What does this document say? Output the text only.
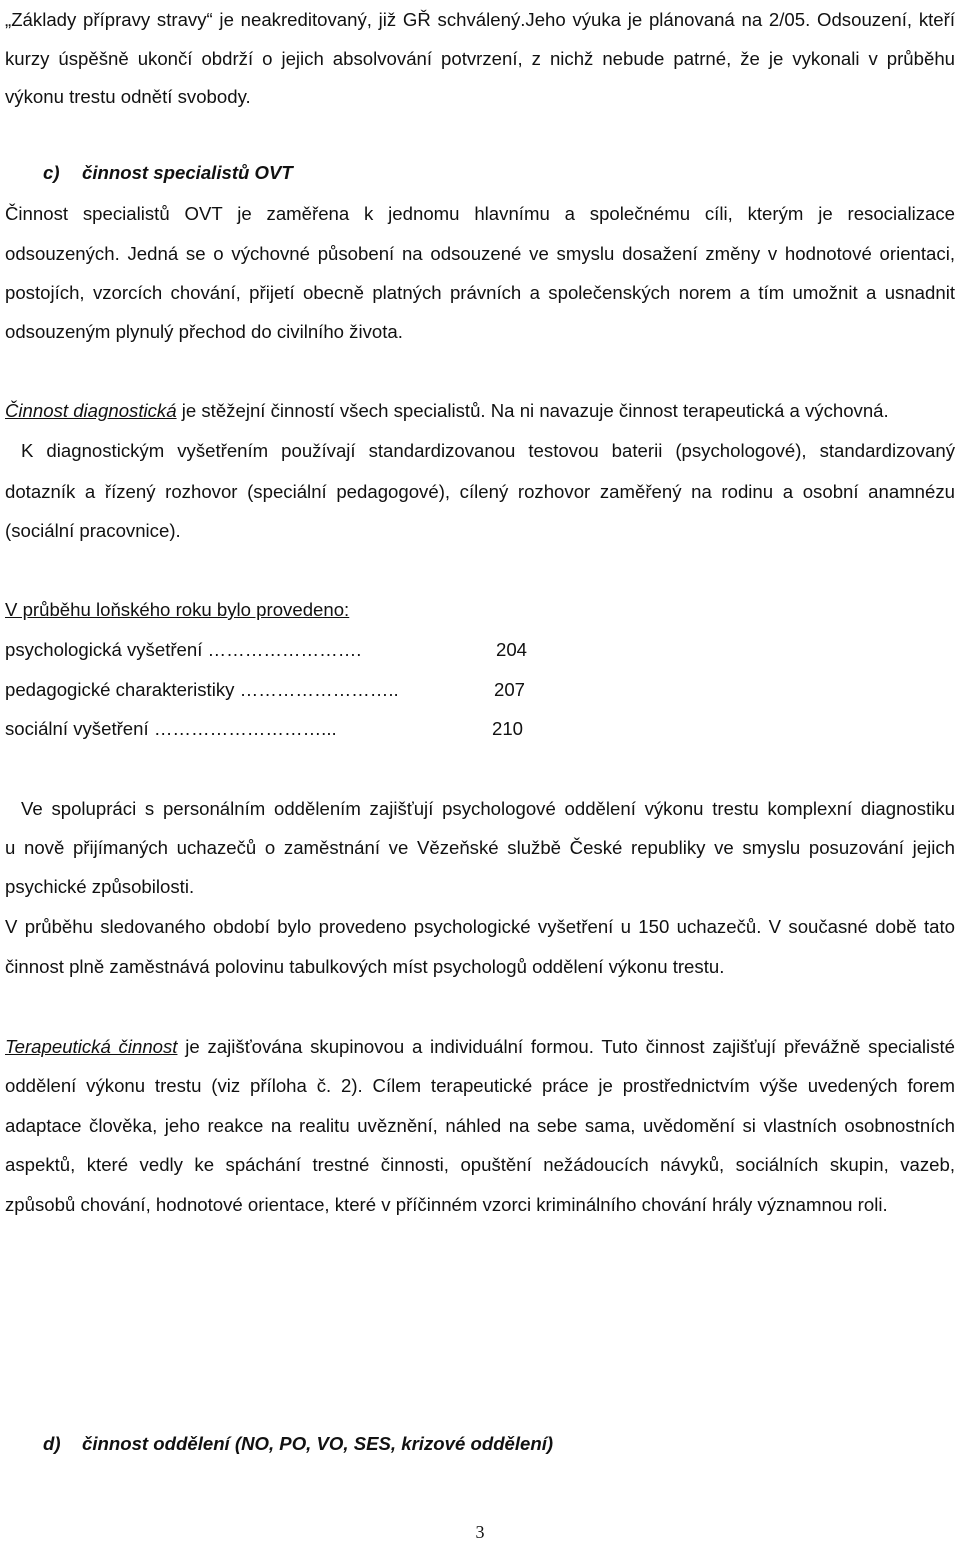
„Základy přípravy stravy“ je neakreditovaný, již GŘ schválený.Jeho výuka je plánovaná na 2/05. Odsouzení, kteří
kurzy úspěšně ukončí obdrží o jejich absolvování potvrzení, z nichž nebude patrné, že je vykonali v průběhu
výkonu trestu odnětí svobody.
c) činnost specialistů OVT
Činnost specialistů OVT je zaměřena k jednomu hlavnímu a společnému cíli, kterým je resocializace
odsouzených. Jedná se o výchovné působení na odsouzené ve smyslu dosažení změny v hodnotové orientaci,
postojích, vzorcích chování, přijetí obecně platných právních a společenských norem a tím umožnit a usnadnit
odsouzeným plynulý přechod do civilního života.
Činnost diagnostická je stěžejní činností všech specialistů. Na ni navazuje činnost terapeutická a výchovná.
K diagnostickým vyšetřením používají standardizovanou testovou baterii (psychologové), standardizovaný
dotazník a řízený rozhovor (speciální pedagogové), cílený rozhovor zaměřený na rodinu a osobní anamnézu
(sociální pracovnice).
V průběhu loňského roku bylo provedeno:
psychologická vyšetření …………………….	204
pedagogické charakteristiky ……………………..	207
sociální vyšetření ………………………...	210
Ve spolupráci s personálním oddělením zajišťují psychologové oddělení výkonu trestu komplexní diagnostiku
u nově přijímaných uchazečů o zaměstnání ve Vězeňské službě České republiky ve smyslu posuzování jejich
psychické způsobilosti.
V průběhu sledovaného období bylo provedeno psychologické vyšetření u 150 uchazečů. V současné době tato
činnost plně zaměstnává polovinu tabulkových míst psychologů oddělení výkonu trestu.
Terapeutická činnost je zajišťována skupinovou a individuální formou. Tuto činnost zajišťují převážně specialisté
oddělení výkonu trestu (viz příloha č. 2). Cílem terapeutické práce je prostřednictvím výše uvedených forem
adaptace člověka, jeho reakce na realitu uvěznění, náhled na sebe sama, uvědomění si vlastních osobnostních
aspektů, které vedly ke spáchání trestné činnosti, opuštění nežádoucích návyků, sociálních skupin, vazeb,
způsobů chování, hodnotové orientace, které v příčinném vzorci kriminálního chování hrály významnou roli.
d) činnost oddělení (NO, PO, VO, SES, krizové oddělení)
3
